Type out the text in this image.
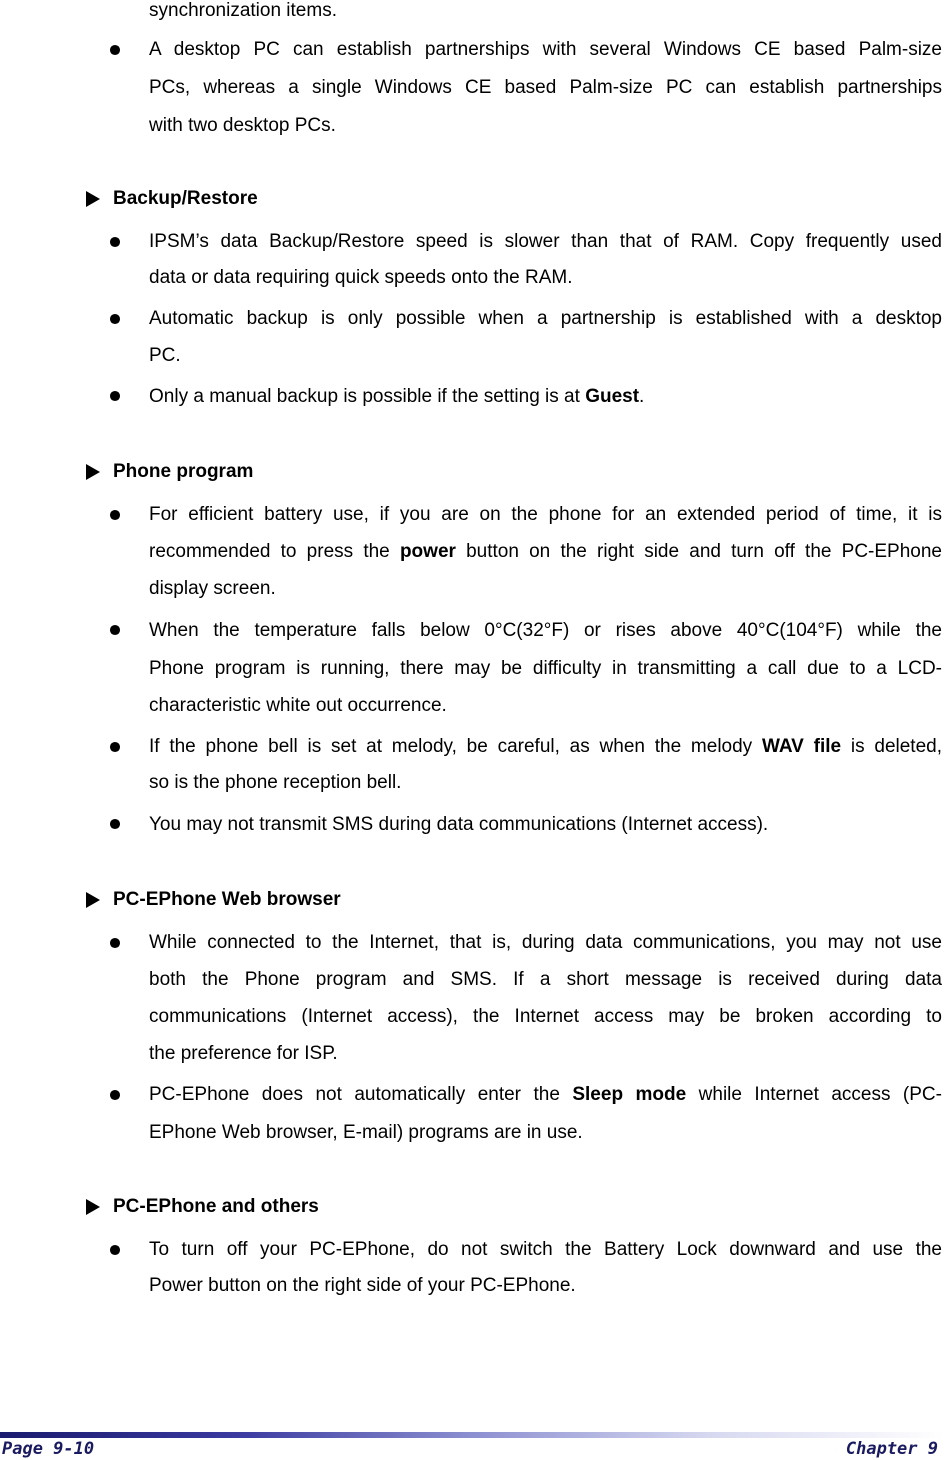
synchronization items.
A desktop PC can establish partnerships with several Windows CE based Palm-size
PCs, whereas a single Windows CE based Palm-size PC can establish partnerships
with two desktop PCs.
Backup/Restore
IPSM’s data Backup/Restore speed is slower than that of RAM. Copy frequently used
data or data requiring quick speeds onto the RAM.
Automatic backup is only possible when a partnership is established with a desktop
PC.
Only a manual backup is possible if the setting is at Guest.
Phone program
For efficient battery use, if you are on the phone for an extended period of time, it is
recommended to press the power button on the right side and turn off the PC-EPhone
display screen.
When the temperature falls below 0°C(32°F) or rises above 40°C(104°F) while the
Phone program is running, there may be difficulty in transmitting a call due to a LCD-
characteristic white out occurrence.
If the phone bell is set at melody, be careful, as when the melody WAV file is deleted,
so is the phone reception bell.
You may not transmit SMS during data communications (Internet access).
PC-EPhone Web browser
While connected to the Internet, that is, during data communications, you may not use
both the Phone program and SMS. If a short message is received during data
communications (Internet access), the Internet access may be broken according to
the preference for ISP.
PC-EPhone does not automatically enter the Sleep mode while Internet access (PC-
EPhone Web browser, E-mail) programs are in use.
PC-EPhone and others
To turn off your PC-EPhone, do not switch the Battery Lock downward and use the
Power button on the right side of your PC-EPhone.
Page 9-10	Chapter 9
